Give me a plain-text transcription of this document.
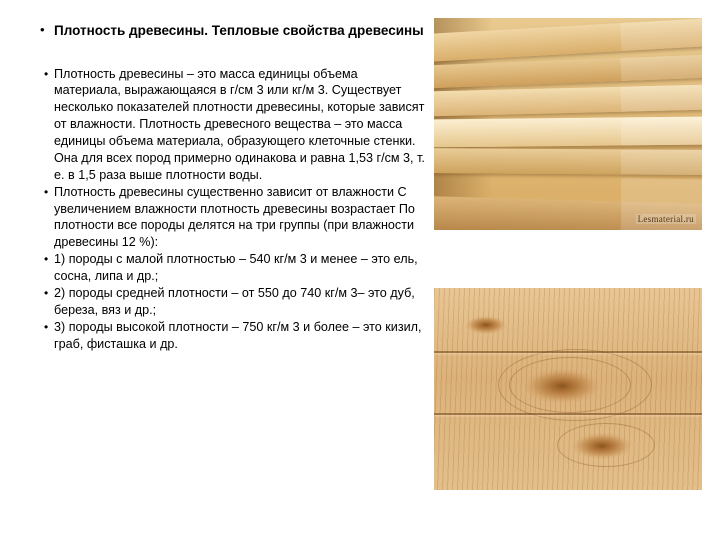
• Плотность древесины. Тепловые свойства древесины
• Плотность древесины – это масса единицы объема материала, выражающаяся в г/см 3 или кг/м 3. Существует несколько показателей плотности древесины, которые зависят от влажности. Плотность древесного вещества – это масса единицы объема материала, образующего клеточные стенки. Она для всех пород примерно одинакова и равна 1,53 г/см 3, т. е. в 1,5 раза выше плотности воды.
• Плотность древесины существенно зависит от влажности С увеличением влажности плотность древесины возрастает По плотности все породы делятся на три группы (при влажности древесины 12 %):
• 1) породы с малой плотностью – 540 кг/м 3 и менее – это ель, сосна, липа и др.;
• 2) породы средней плотности – от 550 до 740 кг/м 3– это дуб, береза, вяз и др.;
• 3) породы высокой плотности – 750 кг/м 3 и более – это кизил, граб, фисташка и др.
Lesmaterial.ru
